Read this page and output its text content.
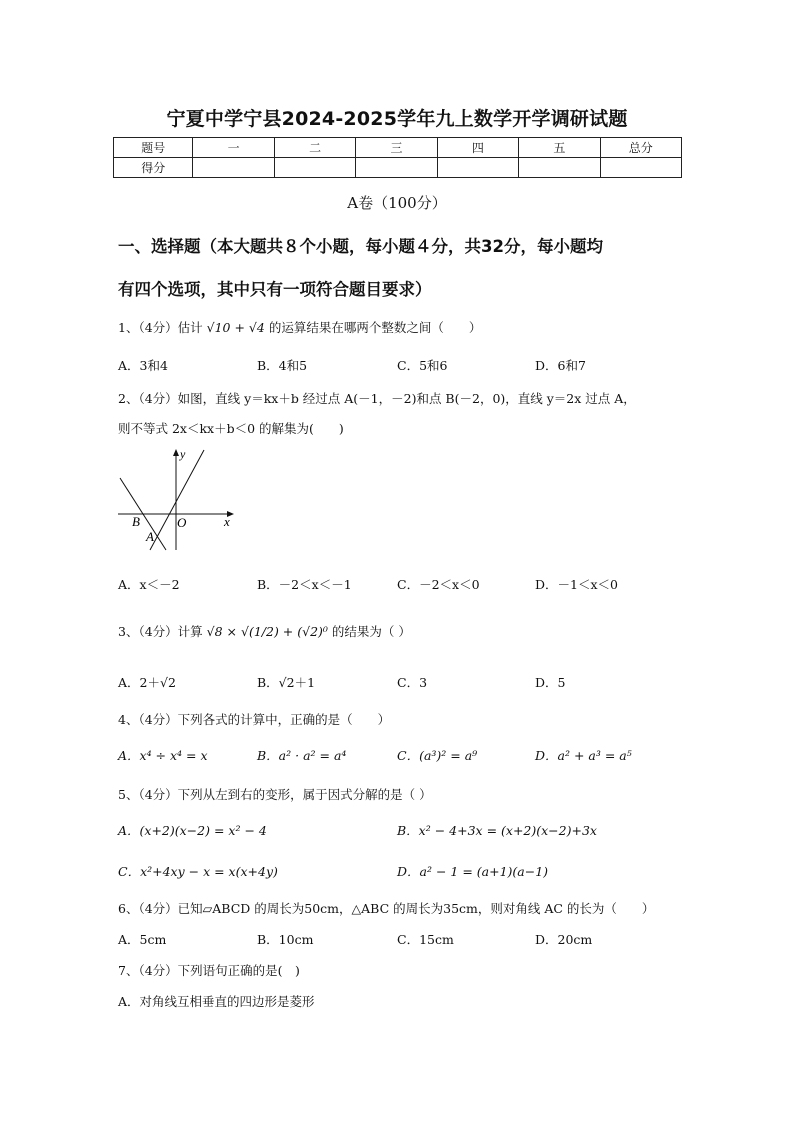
宁夏中学宁县2024-2025学年九上数学开学调研试题
题号	一	二	三	四	五	总分
得分						
A卷（100分）
一、选择题（本大题共８个小题，每小题４分，共32分，每小题均
有四个选项，其中只有一项符合题目要求）
1、（4分）估计 √10 + √4 的运算结果在哪两个整数之间（　　）
A．3和4	B．4和5	C．5和6	D．6和7
2、（4分）如图，直线 y＝kx＋b 经过点 A(－1，－2)和点 B(－2，0)，直线 y＝2x 过点 A，
则不等式 2x＜kx＋b＜0 的解集为(　　)
y
x
O
B
A
A．x＜－2	B．－2＜x＜－1	C．－2＜x＜0	D．－1＜x＜0
3、（4分）计算 √8 × √(1/2) + (√2)⁰ 的结果为（ ）
A．2＋√2	B．√2＋1	C．3	D．5
4、（4分）下列各式的计算中，正确的是（　　）
A．x⁴ ÷ x⁴ = x	B．a² · a² = a⁴	C．(a³)² = a⁹	D．a² + a³ = a⁵
5、（4分）下列从左到右的变形，属于因式分解的是（ ）
A．(x+2)(x−2) = x² − 4	B．x² − 4+3x = (x+2)(x−2)+3x
C．x²+4xy − x = x(x+4y)	D．a² − 1 = (a+1)(a−1)
6、（4分）已知▱ABCD 的周长为50cm，△ABC 的周长为35cm，则对角线 AC 的长为（　　）
A．5cm	B．10cm	C．15cm	D．20cm
7、（4分）下列语句正确的是(　)
A．对角线互相垂直的四边形是菱形
